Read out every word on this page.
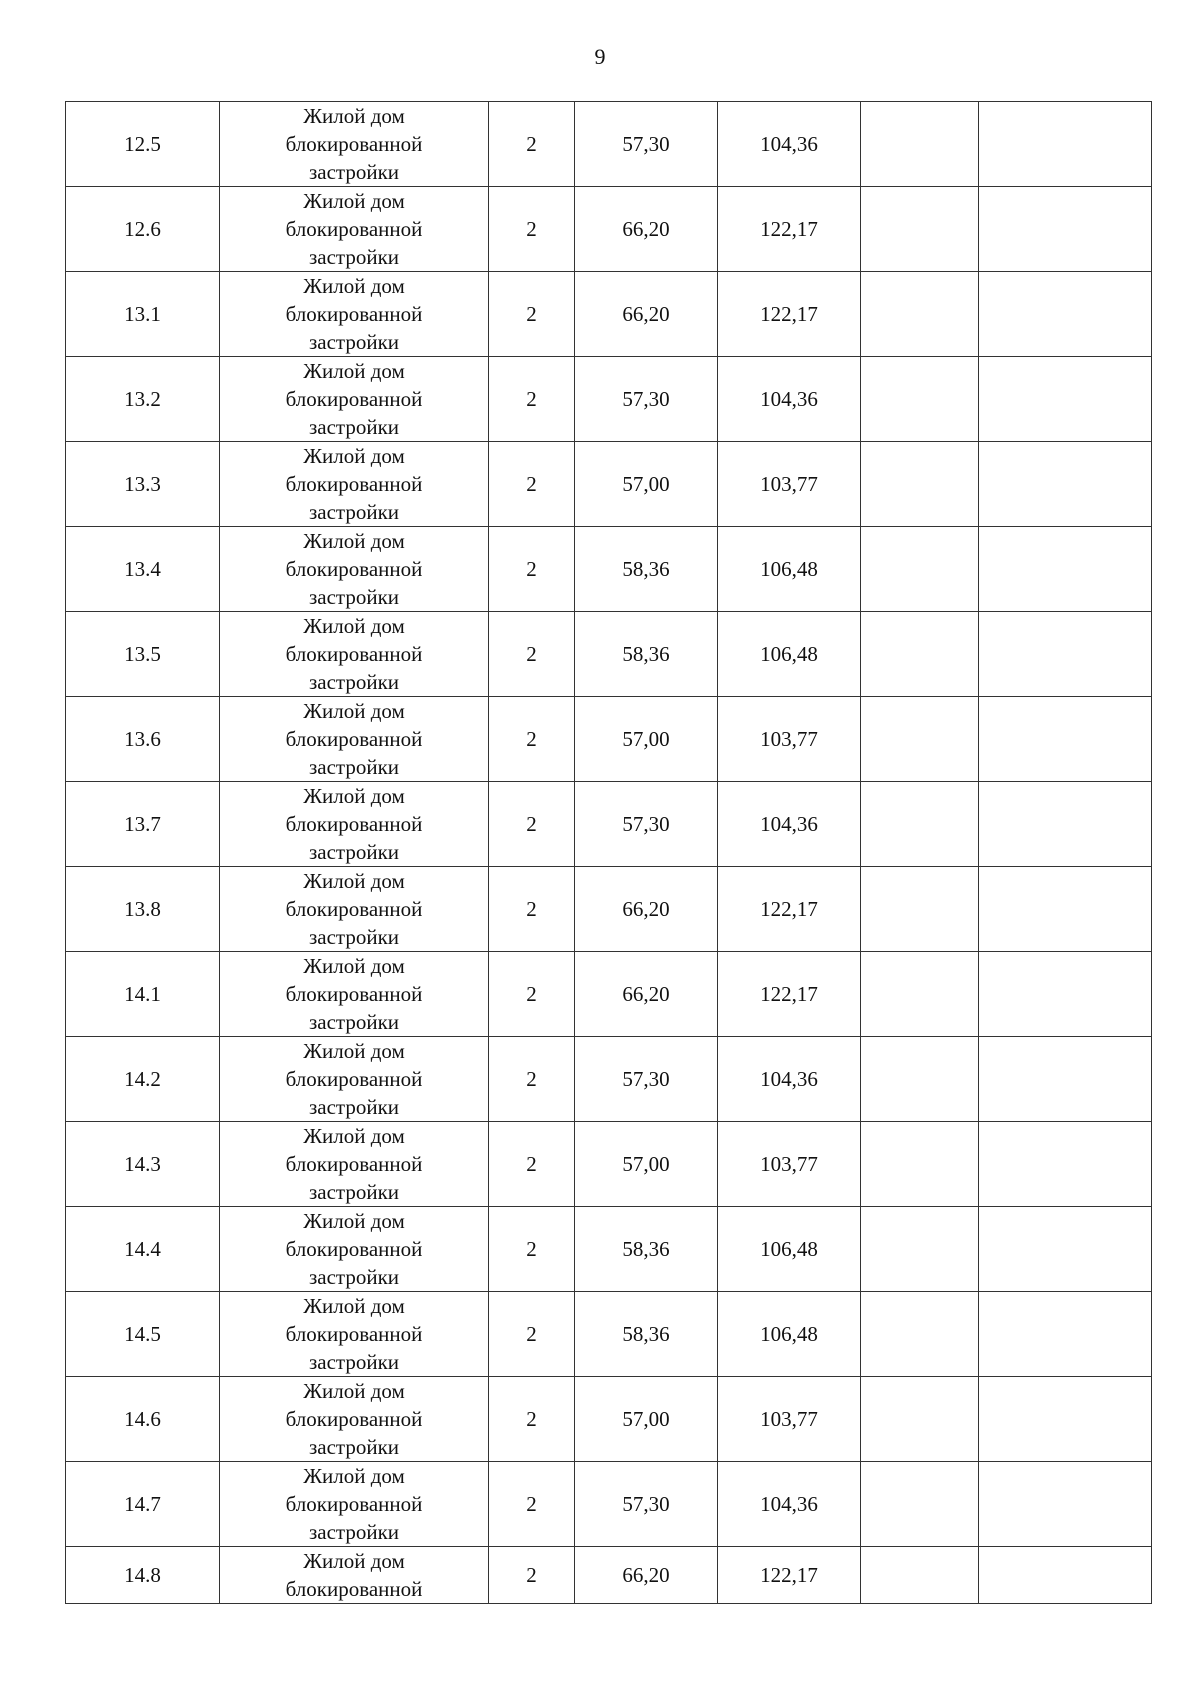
9
12.5	Жилой дом
блокированной
застройки	2	57,30	104,36		
12.6	Жилой дом
блокированной
застройки	2	66,20	122,17		
13.1	Жилой дом
блокированной
застройки	2	66,20	122,17		
13.2	Жилой дом
блокированной
застройки	2	57,30	104,36		
13.3	Жилой дом
блокированной
застройки	2	57,00	103,77		
13.4	Жилой дом
блокированной
застройки	2	58,36	106,48		
13.5	Жилой дом
блокированной
застройки	2	58,36	106,48		
13.6	Жилой дом
блокированной
застройки	2	57,00	103,77		
13.7	Жилой дом
блокированной
застройки	2	57,30	104,36		
13.8	Жилой дом
блокированной
застройки	2	66,20	122,17		
14.1	Жилой дом
блокированной
застройки	2	66,20	122,17		
14.2	Жилой дом
блокированной
застройки	2	57,30	104,36		
14.3	Жилой дом
блокированной
застройки	2	57,00	103,77		
14.4	Жилой дом
блокированной
застройки	2	58,36	106,48		
14.5	Жилой дом
блокированной
застройки	2	58,36	106,48		
14.6	Жилой дом
блокированной
застройки	2	57,00	103,77		
14.7	Жилой дом
блокированной
застройки	2	57,30	104,36		
14.8	Жилой дом
блокированной	2	66,20	122,17		
